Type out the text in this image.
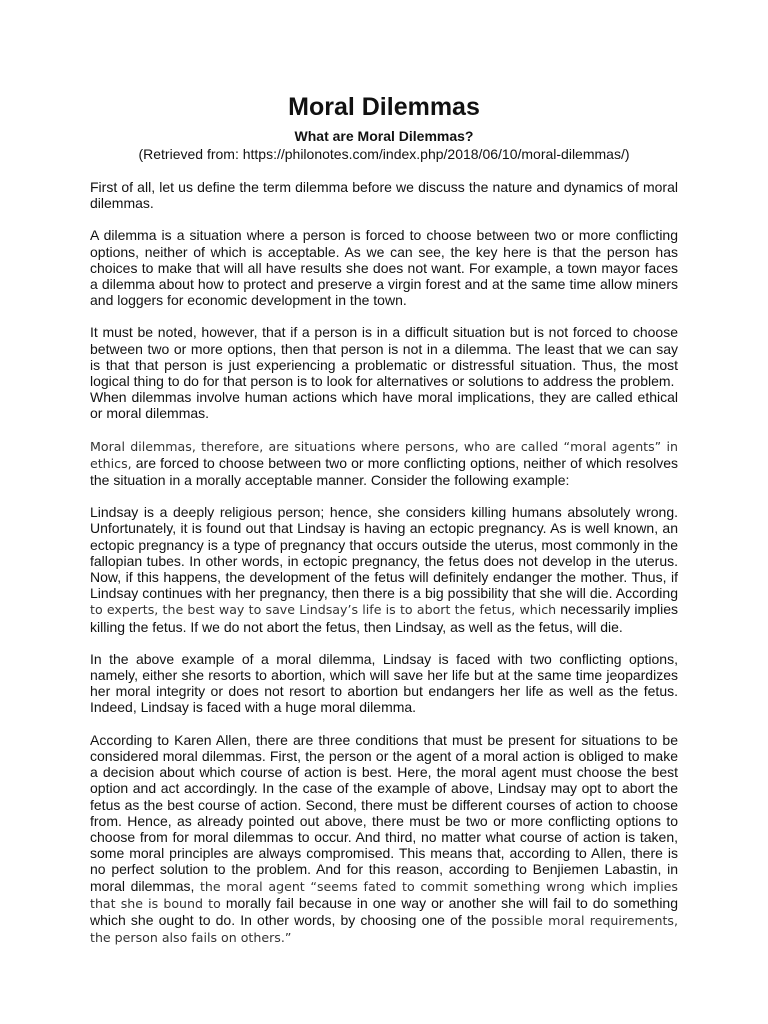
Moral Dilemmas
What are Moral Dilemmas?
(Retrieved from: https://philonotes.com/index.php/2018/06/10/moral-dilemmas/)

First of all, let us define the term dilemma before we discuss the nature and dynamics of moral dilemmas.

A dilemma is a situation where a person is forced to choose between two or more conflicting options, neither of which is acceptable. As we can see, the key here is that the person has choices to make that will all have results she does not want. For example, a town mayor faces a dilemma about how to protect and preserve a virgin forest and at the same time allow miners and loggers for economic development in the town.

It must be noted, however, that if a person is in a difficult situation but is not forced to choose between two or more options, then that person is not in a dilemma. The least that we can say is that that person is just experiencing a problematic or distressful situation. Thus, the most logical thing to do for that person is to look for alternatives or solutions to address the problem.

When dilemmas involve human actions which have moral implications, they are called ethical or moral dilemmas.

Moral dilemmas, therefore, are situations where persons, who are called “moral agents” in ethics, are forced to choose between two or more conflicting options, neither of which resolves the situation in a morally acceptable manner. Consider the following example:

Lindsay is a deeply religious person; hence, she considers killing humans absolutely wrong. Unfortunately, it is found out that Lindsay is having an ectopic pregnancy. As is well known, an ectopic pregnancy is a type of pregnancy that occurs outside the uterus, most commonly in the fallopian tubes. In other words, in ectopic pregnancy, the fetus does not develop in the uterus. Now, if this happens, the development of the fetus will definitely endanger the mother. Thus, if Lindsay continues with her pregnancy, then there is a big possibility that she will die. According to experts, the best way to save Lindsay’s life is to abort the fetus, which necessarily implies killing the fetus. If we do not abort the fetus, then Lindsay, as well as the fetus, will die.

In the above example of a moral dilemma, Lindsay is faced with two conflicting options, namely, either she resorts to abortion, which will save her life but at the same time jeopardizes her moral integrity or does not resort to abortion but endangers her life as well as the fetus. Indeed, Lindsay is faced with a huge moral dilemma.

According to Karen Allen, there are three conditions that must be present for situations to be considered moral dilemmas. First, the person or the agent of a moral action is obliged to make a decision about which course of action is best. Here, the moral agent must choose the best option and act accordingly. In the case of the example of above, Lindsay may opt to abort the fetus as the best course of action. Second, there must be different courses of action to choose from. Hence, as already pointed out above, there must be two or more conflicting options to choose from for moral dilemmas to occur. And third, no matter what course of action is taken, some moral principles are always compromised. This means that, according to Allen, there is no perfect solution to the problem. And for this reason, according to Benjiemen Labastin, in moral dilemmas, the moral agent “seems fated to commit something wrong which implies that she is bound to morally fail because in one way or another she will fail to do something which she ought to do. In other words, by choosing one of the possible moral requirements, the person also fails on others.”
